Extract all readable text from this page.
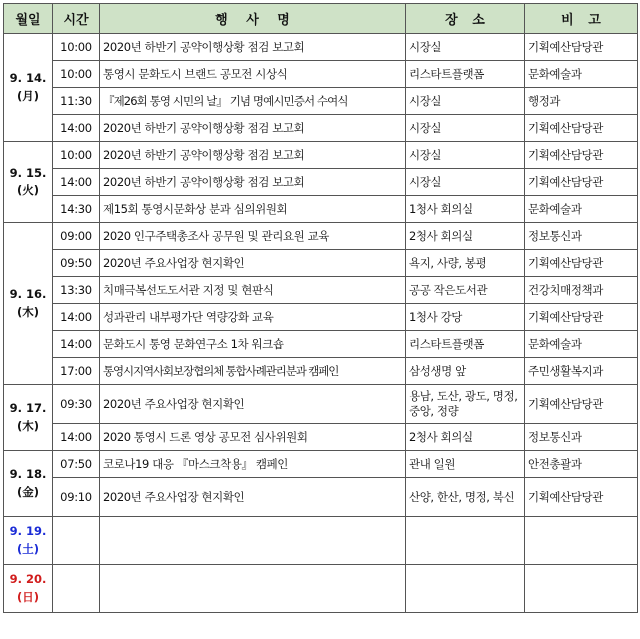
월일	시간	행 사 명	장 소	비 고

9. 14.
(月)	10:00	2020년 하반기 공약이행상황 점검 보고회	시장실	기획예산담당관
	10:00	통영시 문화도시 브랜드 공모전 시상식	리스타트플랫폼	문화예술과
	11:30	『제26회 통영 시민의 날』 기념 명예시민증서 수여식	시장실	행정과
	14:00	2020년 하반기 공약이행상황 점검 보고회	시장실	기획예산담당관

9. 15.
(火)	10:00	2020년 하반기 공약이행상황 점검 보고회	시장실	기획예산담당관
	14:00	2020년 하반기 공약이행상황 점검 보고회	시장실	기획예산담당관
	14:30	제15회 통영시문화상 분과 심의위원회	1청사 회의실	문화예술과

9. 16.
(木)	09:00	2020 인구주택총조사 공무원 및 관리요원 교육	2청사 회의실	정보통신과
	09:50	2020년 주요사업장 현지확인	욕지, 사량, 봉평	기획예산담당관
	13:30	치매극복선도도서관 지정 및 현판식	공공 작은도서관	건강치매정책과
	14:00	성과관리 내부평가단 역량강화 교육	1청사 강당	기획예산담당관
	14:00	문화도시 통영 문화연구소 1차 워크숍	리스타트플랫폼	문화예술과
	17:00	통영시지역사회보장협의체 통합사례관리분과 캠페인	삼성생명 앞	주민생활복지과

9. 17.
(木)	09:30	2020년 주요사업장 현지확인	용남, 도산, 광도, 명정, 중앙, 정량	기획예산담당관
	14:00	2020 통영시 드론 영상 공모전 심사위원회	2청사 회의실	정보통신과

9. 18.
(金)	07:50	코로나19 대응 『마스크착용』 캠페인	관내 일원	안전총괄과
	09:10	2020년 주요사업장 현지확인	산양, 한산, 명정, 북신	기획예산담당관

9. 19.
(土)				

9. 20.
(日)				
